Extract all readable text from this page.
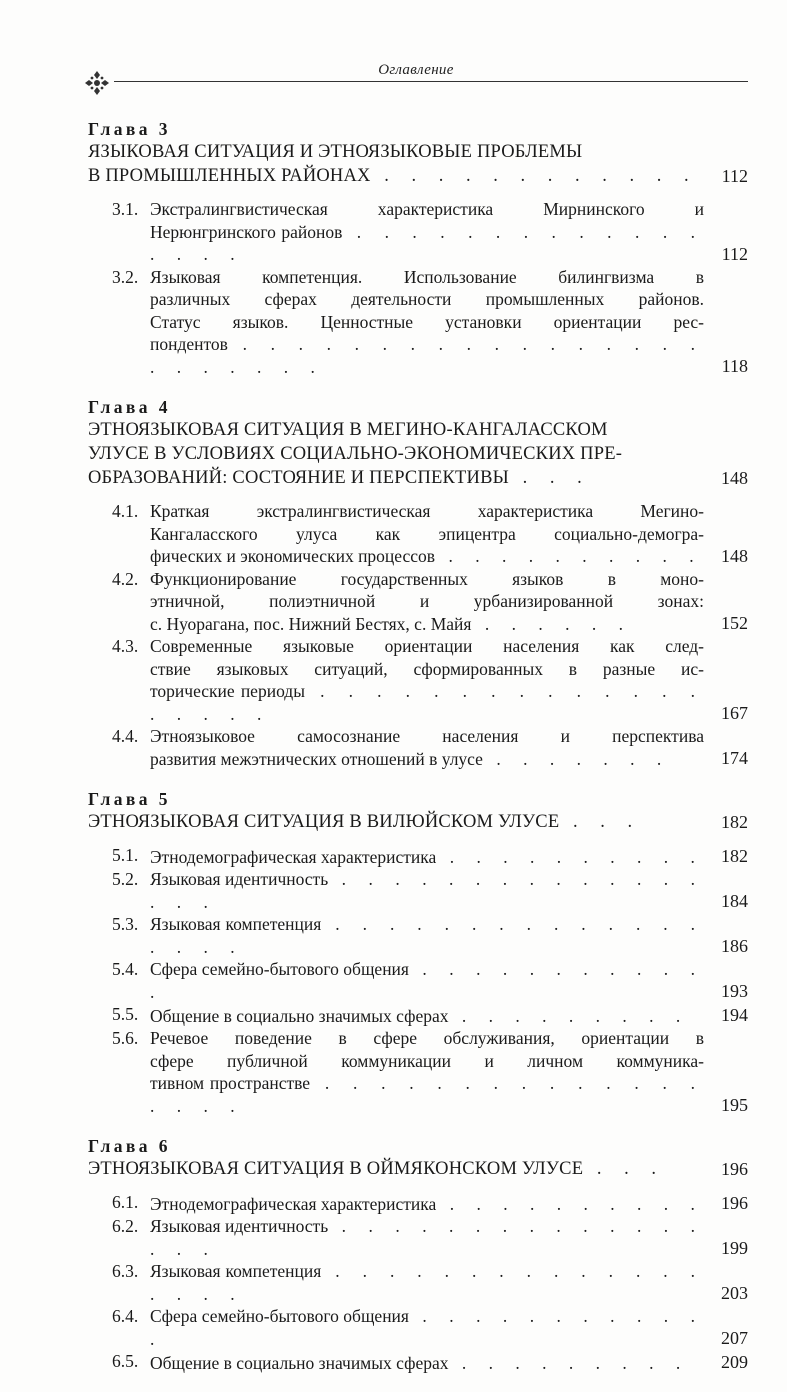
Оглавление
Глава 3
ЯЗЫКОВАЯ СИТУАЦИЯ И ЭТНОЯЗЫКОВЫЕ ПРОБЛЕМЫ
В ПРОМЫШЛЕННЫХ РАЙОНАХ . . . . . . . . . . . .	112
3.1. Экстралингвистическая характеристика Мирнинского и
Нерюнгринского районов . . . . . . . . . . . . . . . . .	112
3.2. Языковая компетенция. Использование билингвизма в
различных сферах деятельности промышленных районов.
Статус языков. Ценностные установки ориентации рес-
пондентов . . . . . . . . . . . . . . . . . . . . . . . .	118
Глава 4
ЭТНОЯЗЫКОВАЯ СИТУАЦИЯ В МЕГИНО-КАНГАЛАССКОМ
УЛУСЕ В УСЛОВИЯХ СОЦИАЛЬНО-ЭКОНОМИЧЕСКИХ ПРЕ-
ОБРАЗОВАНИЙ: СОСТОЯНИЕ И ПЕРСПЕКТИВЫ . . .	148
4.1. Краткая экстралингвистическая характеристика Мегино-
Кангаласского улуса как эпицентра социально-демогра-
фических и экономических процессов . . . . . . . . . .	148
4.2. Функционирование государственных языков в моно-
этничной, полиэтничной и урбанизированной зонах:
с. Нуорагана, пос. Нижний Бестях, с. Майя . . . . . .	152
4.3. Современные языковые ориентации населения как след-
ствие языковых ситуаций, сформированных в разные ис-
торические периоды . . . . . . . . . . . . . . . . . . .	167
4.4. Этноязыковое самосознание населения и перспектива
развития межэтнических отношений в улусе . . . . . . .	174
Глава 5
ЭТНОЯЗЫКОВАЯ СИТУАЦИЯ В ВИЛЮЙСКОМ УЛУСЕ . . .	182
5.1. Этнодемографическая характеристика . . . . . . . . . . 182
5.2. Языковая идентичность . . . . . . . . . . . . . . . . .	184
5.3. Языковая компетенция . . . . . . . . . . . . . . . . . .	186
5.4. Сфера семейно-бытового общения . . . . . . . . . . . .	193
5.5. Общение в социально значимых сферах . . . . . . . . .	194
5.6. Речевое поведение в сфере обслуживания, ориентации в
сфере публичной коммуникации и личном коммуника-
тивном пространстве . . . . . . . . . . . . . . . . . .	195
Глава 6
ЭТНОЯЗЫКОВАЯ СИТУАЦИЯ В ОЙМЯКОНСКОМ УЛУСЕ . . .	196
6.1. Этнодемографическая характеристика . . . . . . . . . . 196
6.2. Языковая идентичность . . . . . . . . . . . . . . . . .	199
6.3. Языковая компетенция . . . . . . . . . . . . . . . . . .	203
6.4. Сфера семейно-бытового общения . . . . . . . . . . . .	207
6.5. Общение в социально значимых сферах . . . . . . . . .	209
